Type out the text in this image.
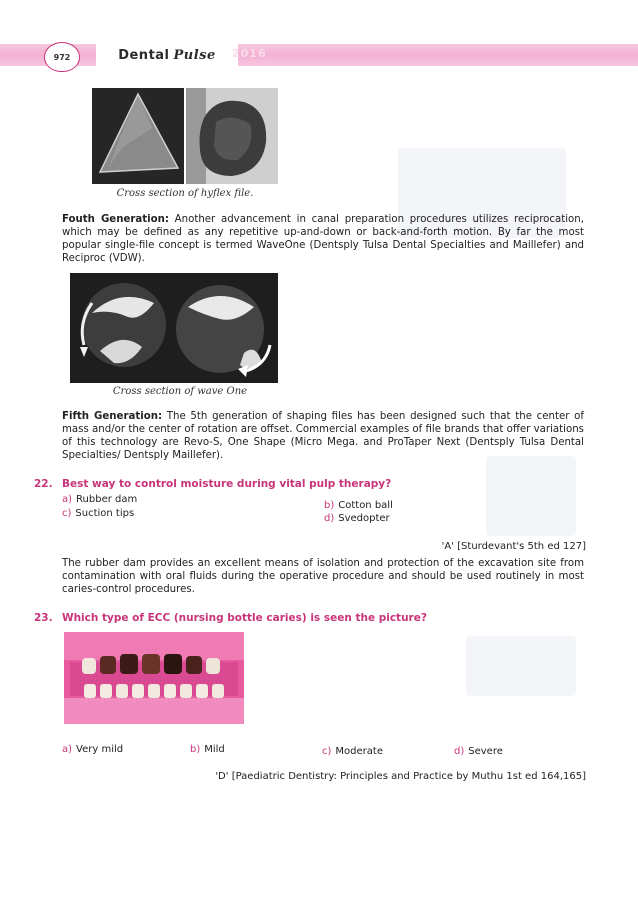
972	Dental Pulse 2016
Cross section of hyflex file.
Fouth Generation: Another advancement in canal preparation procedures utilizes reciprocation, which may be defined as any repetitive up-and-down or back-and-forth motion. By far the most popular single-file concept is termed WaveOne (Dentsply Tulsa Dental Specialties and Maillefer) and Reciproc (VDW).
Cross section of wave One
Fifth Generation: The 5th generation of shaping files has been designed such that the center of mass and/or the center of rotation are offset. Commercial examples of file brands that offer variations of this technology are Revo-S, One Shape (Micro Mega. and ProTaper Next (Dentsply Tulsa Dental Specialties/ Dentsply Maillefer).
22. Best way to control moisture during vital pulp therapy?
a) Rubber dam
b) Cotton ball
c) Suction tips	d) Svedopter
'A' [Sturdevant's 5th ed 127]
The rubber dam provides an excellent means of isolation and protection of the excavation site from contamination with oral fluids during the operative procedure and should be used routinely in most caries-control procedures.
23. Which type of ECC (nursing bottle caries) is seen the picture?
a) Very mild	b) Mild	c) Moderate	d) Severe
'D' [Paediatric Dentistry: Principles and Practice by Muthu 1st ed 164,165]
